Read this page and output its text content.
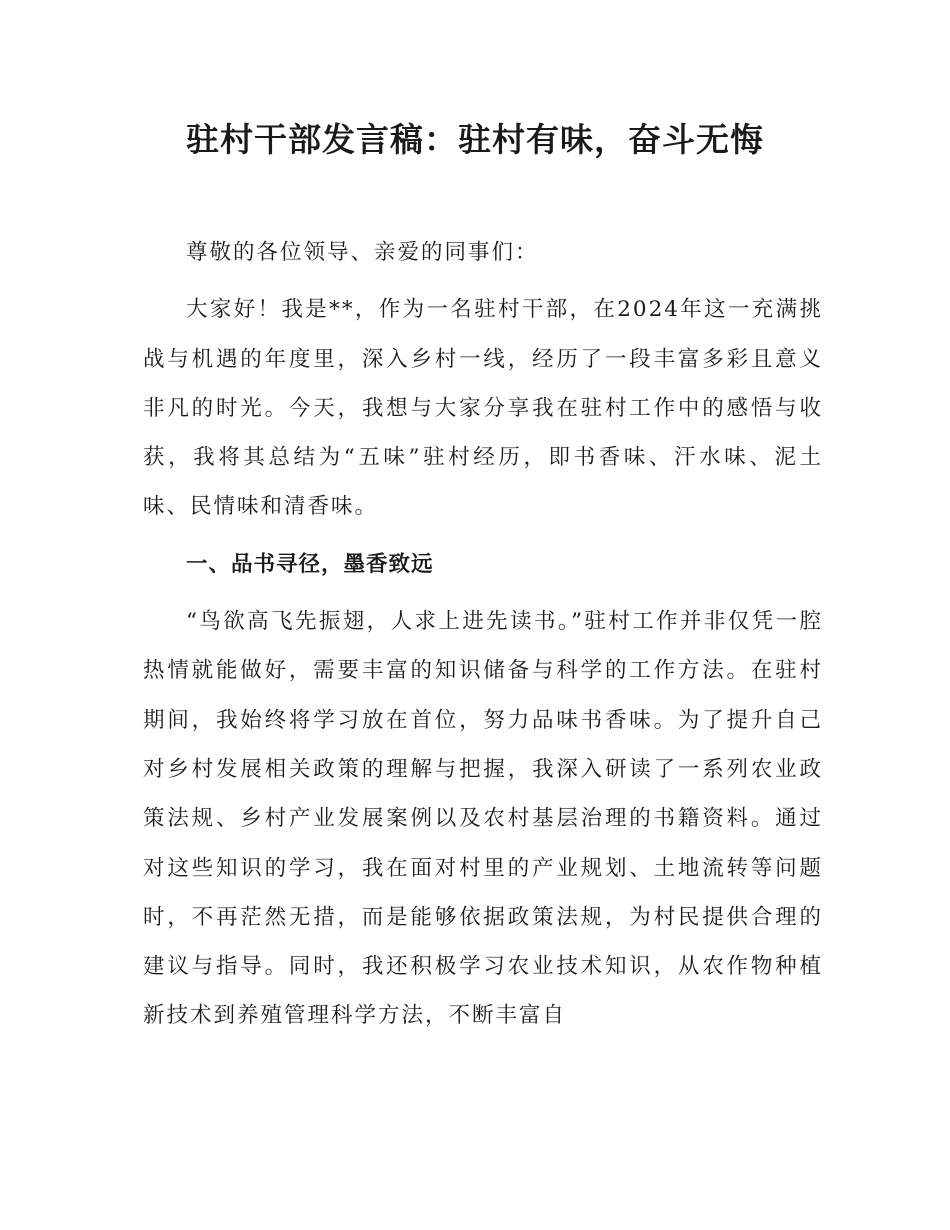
驻村干部发言稿：驻村有味，奋斗无悔

尊敬的各位领导、亲爱的同事们：

大家好！我是**，作为一名驻村干部，在2024年这一充满挑战与机遇的年度里，深入乡村一线，经历了一段丰富多彩且意义非凡的时光。今天，我想与大家分享我在驻村工作中的感悟与收获，我将其总结为“五味”驻村经历，即书香味、汗水味、泥土味、民情味和清香味。

一、品书寻径，墨香致远

“鸟欲高飞先振翅，人求上进先读书。”驻村工作并非仅凭一腔热情就能做好，需要丰富的知识储备与科学的工作方法。在驻村期间，我始终将学习放在首位，努力品味书香味。为了提升自己对乡村发展相关政策的理解与把握，我深入研读了一系列农业政策法规、乡村产业发展案例以及农村基层治理的书籍资料。通过对这些知识的学习，我在面对村里的产业规划、土地流转等问题时，不再茫然无措，而是能够依据政策法规，为村民提供合理的建议与指导。同时，我还积极学习农业技术知识，从农作物种植新技术到养殖管理科学方法，不断丰富自
